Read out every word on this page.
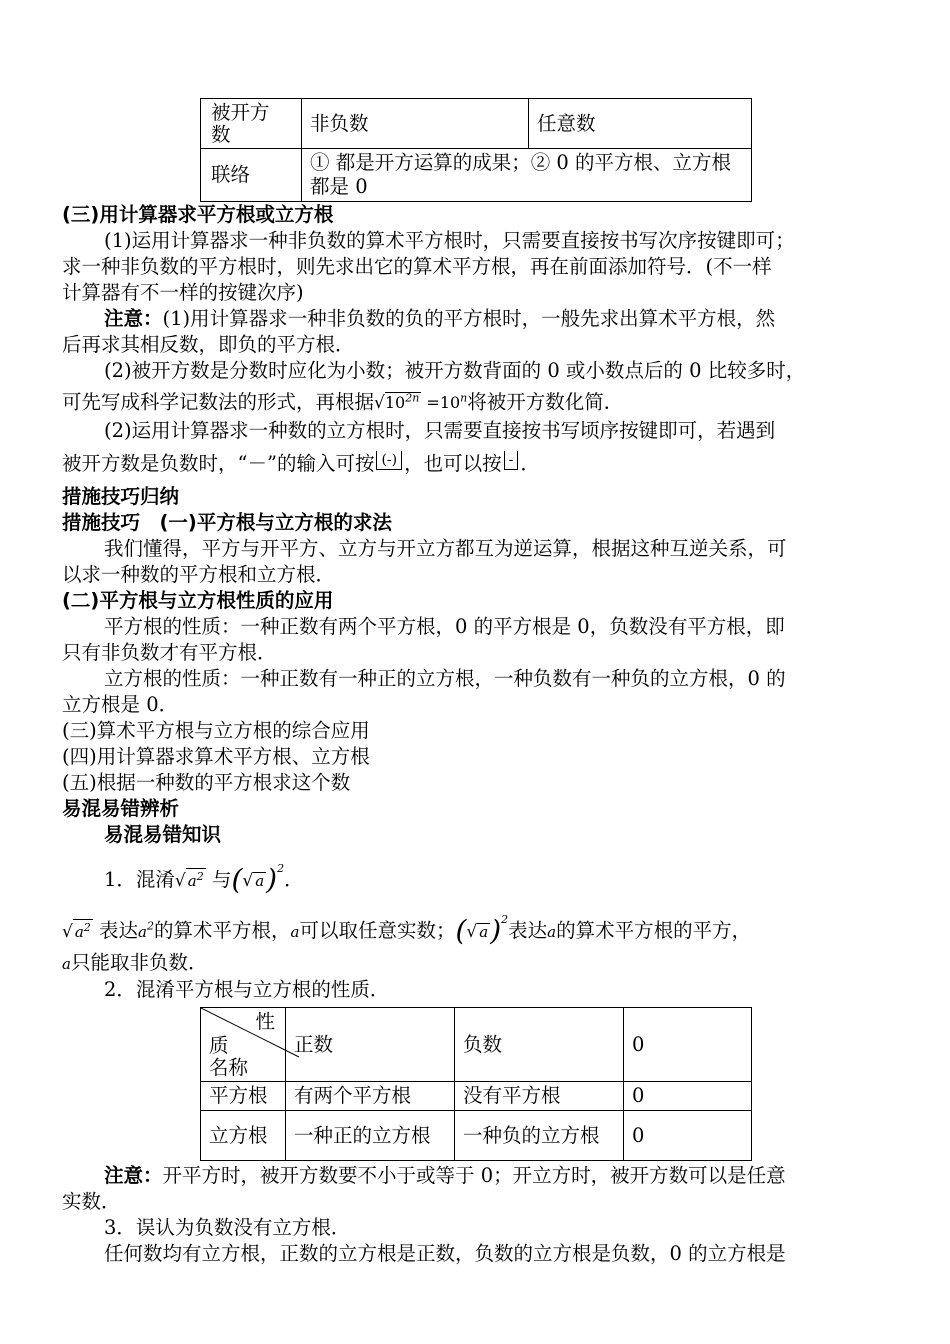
被开方数	非负数	任意数
联络	① 都是开方运算的成果；② 0 的平方根、立方根都是 0	
(三)用计算器求平方根或立方根
(1)运用计算器求一种非负数的算术平方根时，只需要直接按书写次序按键即可；
求一种非负数的平方根时，则先求出它的算术平方根，再在前面添加符号．(不一样
计算器有不一样的按键次序)
注意：(1)用计算器求一种非负数的负的平方根时，一般先求出算术平方根，然
后再求其相反数，即负的平方根．
(2)被开方数是分数时应化为小数；被开方数背面的 0 或小数点后的 0 比较多时，
可先写成科学记数法的形式，再根据$√10^{2n} =10^n$将被开方数化简．
(2)运用计算器求一种数的立方根时，只需要直接按书写顷序按键即可，若遇到
被开方数是负数时，“－”的输入可按 (-) ，也可以按 - ．
措施技巧归纳
措施技巧　(一)平方根与立方根的求法
我们懂得，平方与开平方、立方与开立方都互为逆运算，根据这种互逆关系，可
以求一种数的平方根和立方根．
(二)平方根与立方根性质的应用
平方根的性质：一种正数有两个平方根，0 的平方根是 0，负数没有平方根，即
只有非负数才有平方根．
立方根的性质：一种正数有一种正的立方根，一种负数有一种负的立方根，0 的
立方根是 0．
(三)算术平方根与立方根的综合应用
(四)用计算器求算术平方根、立方根
(五)根据一种数的平方根求这个数
易混易错辨析
易混易错知识
1．混淆√ $a^2$ 与(√ a)$^2$．
√ $a^2$ 表达$a^2$的算术平方根，a可以取任意实数；(√ a)$^2$表达a的算术平方根的平方，
a只能取非负数．
2．混淆平方根与立方根的性质．
性
质
名称	正数	负数	0
平方根	有两个平方根	没有平方根	0
立方根	一种正的立方根	一种负的立方根	0
注意：开平方时，被开方数要不小于或等于 0；开立方时，被开方数可以是任意
实数．
3．误认为负数没有立方根．
任何数均有立方根，正数的立方根是正数，负数的立方根是负数，0 的立方根是
